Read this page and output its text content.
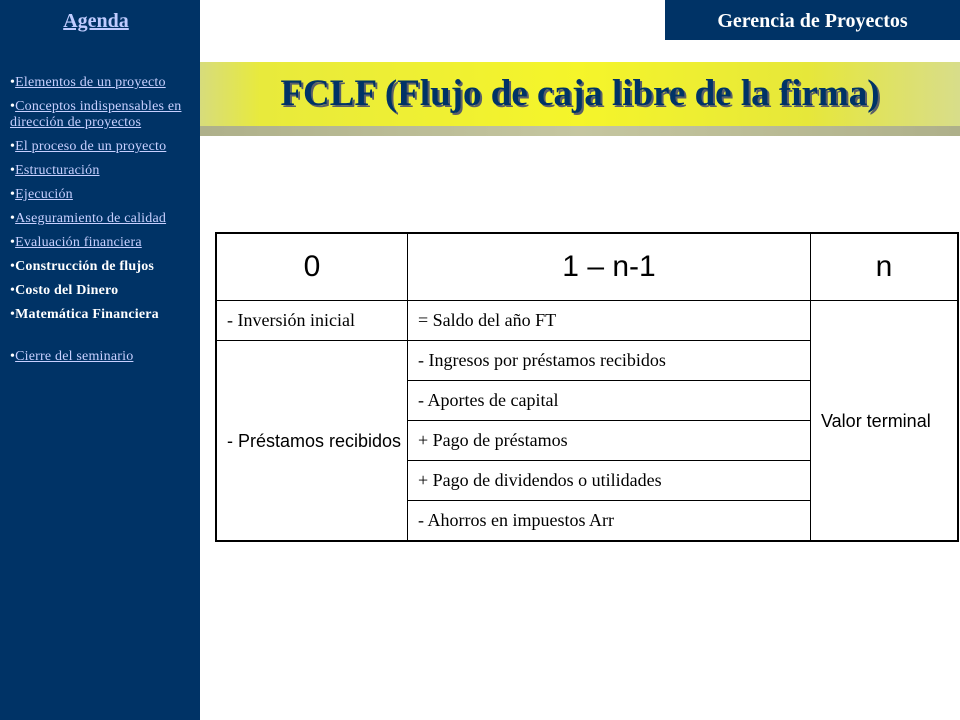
Agenda
•Elementos de un proyecto
•Conceptos indispensables en dirección de proyectos
•El proceso de un proyecto
•Estructuración
•Ejecución
•Aseguramiento de calidad
•Evaluación financiera
•Construcción de flujos
•Costo del Dinero
•Matemática Financiera
•Cierre del seminario
Gerencia de Proyectos
FCLF (Flujo de caja libre de la firma)
0	1 – n-1	n
- Inversión inicial	= Saldo del año FT	Valor terminal
- Préstamos recibidos	- Ingresos por préstamos recibidos	
	- Aportes de capital	
	+ Pago de préstamos	
	+ Pago de dividendos o utilidades	
	- Ahorros en impuestos Arr	
